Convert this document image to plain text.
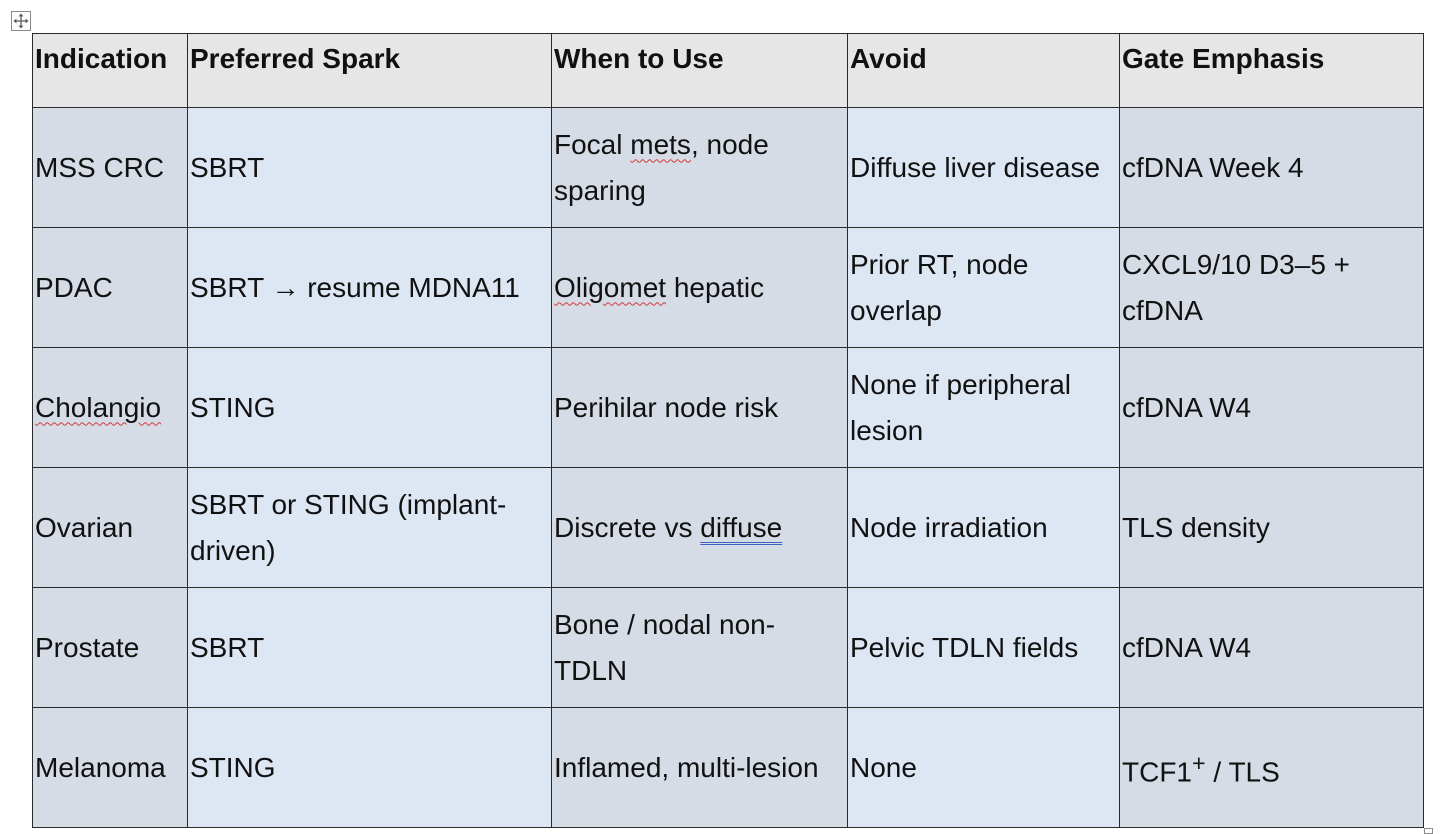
Indication	Preferred Spark	When to Use	Avoid	Gate Emphasis
MSS CRC	SBRT	Focal mets, node sparing	Diffuse liver disease	cfDNA Week 4
PDAC	SBRT → resume MDNA11	Oligomet hepatic	Prior RT, node overlap	CXCL9/10 D3–5 + cfDNA
Cholangio	STING	Perihilar node risk	None if peripheral lesion	cfDNA W4
Ovarian	SBRT or STING (implant-driven)	Discrete vs diffuse	Node irradiation	TLS density
Prostate	SBRT	Bone / nodal non-TDLN	Pelvic TDLN fields	cfDNA W4
Melanoma	STING	Inflamed, multi-lesion	None	TCF1+ / TLS
